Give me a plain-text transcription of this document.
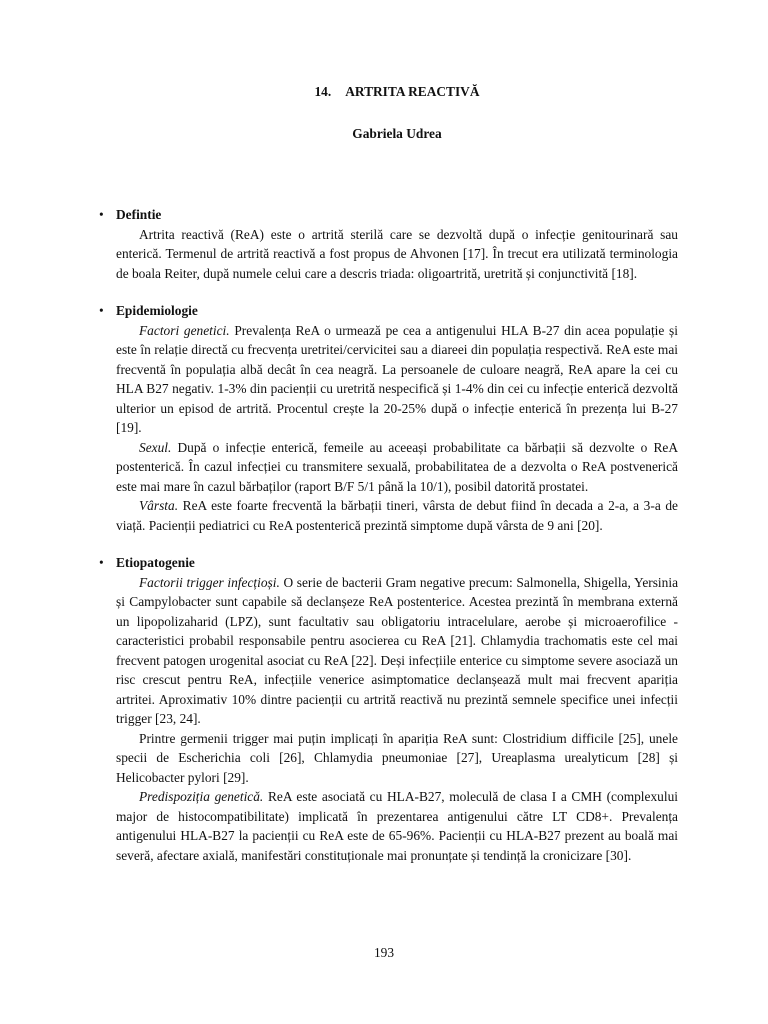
14. ARTRITA REACTIVĂ
Gabriela Udrea
• Defintie

Artrita reactivă (ReA) este o artrită sterilă care se dezvoltă după o infecție genitourinară sau enterică. Termenul de artrită reactivă a fost propus de Ahvonen [17]. În trecut era utilizată terminologia de boala Reiter, după numele celui care a descris triada: oligoartrită, uretrită și conjunctivită [18].

• Epidemiologie

Factori genetici. Prevalența ReA o urmează pe cea a antigenului HLA B-27 din acea populație și este în relație directă cu frecvența uretritei/cervicitei sau a diareei din populația respectivă. ReA este mai frecventă în populația albă decât în cea neagră. La persoanele de culoare neagră, ReA apare la cei cu HLA B27 negativ. 1-3% din pacienții cu uretrită nespecifică și 1-4% din cei cu infecție enterică dezvoltă ulterior un episod de artrită. Procentul crește la 20-25% după o infecție enterică în prezența lui B-27 [19].

Sexul. După o infecție enterică, femeile au aceeași probabilitate ca bărbații să dezvolte o ReA postenterică. În cazul infecției cu transmitere sexuală, probabilitatea de a dezvolta o ReA postvenerică este mai mare în cazul bărbaților (raport B/F 5/1 până la 10/1), posibil datorită prostatei.

Vârsta. ReA este foarte frecventă la bărbații tineri, vârsta de debut fiind în decada a 2-a, a 3-a de viață. Pacienții pediatrici cu ReA postenterică prezintă simptome după vârsta de 9 ani [20].

• Etiopatogenie

Factorii trigger infecțioși. O serie de bacterii Gram negative precum: Salmonella, Shigella, Yersinia și Campylobacter sunt capabile să declanșeze ReA postenterice. Acestea prezintă în membrana externă un lipopolizaharid (LPZ), sunt facultativ sau obligatoriu intracelulare, aerobe și microaerofilice - caracteristici probabil responsabile pentru asocierea cu ReA [21]. Chlamydia trachomatis este cel mai frecvent patogen urogenital asociat cu ReA [22]. Deși infecțiile enterice cu simptome severe asociază un risc crescut pentru ReA, infecțiile venerice asimptomatice declanșează mult mai frecvent apariția artritei. Aproximativ 10% dintre pacienții cu artrită reactivă nu prezintă semnele specifice unei infecții trigger [23, 24].

Printre germenii trigger mai puțin implicați în apariția ReA sunt: Clostridium difficile [25], unele specii de Escherichia coli [26], Chlamydia pneumoniae [27], Ureaplasma urealyticum [28] și Helicobacter pylori [29].

Predispoziția genetică. ReA este asociată cu HLA-B27, moleculă de clasa I a CMH (complexului major de histocompatibilitate) implicată în prezentarea antigenului către LT CD8+. Prevalența antigenului HLA-B27 la pacienții cu ReA este de 65-96%. Pacienții cu HLA-B27 prezent au boală mai severă, afectare axială, manifestări constituționale mai pronunțate și tendință la cronicizare [30].

193
